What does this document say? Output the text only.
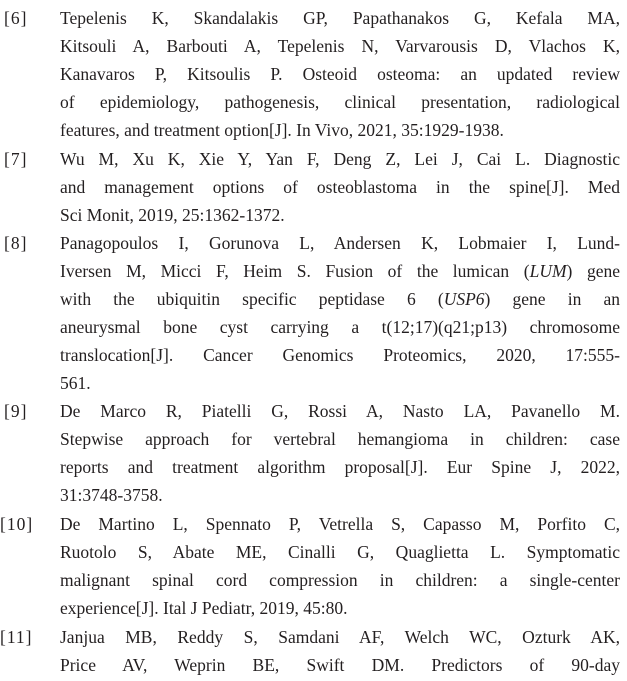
[6] Tepelenis K, Skandalakis GP, Papathanakos G, Kefala MA,
Kitsouli A, Barbouti A, Tepelenis N, Varvarousis D, Vlachos K,
Kanavaros P, Kitsoulis P. Osteoid osteoma: an updated review
of epidemiology, pathogenesis, clinical presentation, radiological
features, and treatment option[J]. In Vivo, 2021, 35:1929-1938.
[7] Wu M, Xu K, Xie Y, Yan F, Deng Z, Lei J, Cai L. Diagnostic
and management options of osteoblastoma in the spine[J]. Med
Sci Monit, 2019, 25:1362-1372.
[8] Panagopoulos I, Gorunova L, Andersen K, Lobmaier I, Lund-
Iversen M, Micci F, Heim S. Fusion of the lumican (LUM) gene
with the ubiquitin specific peptidase 6 (USP6) gene in an
aneurysmal bone cyst carrying a t(12;17)(q21;p13) chromosome
translocation[J]. Cancer Genomics Proteomics, 2020, 17:555-
561.
[9] De Marco R, Piatelli G, Rossi A, Nasto LA, Pavanello M.
Stepwise approach for vertebral hemangioma in children: case
reports and treatment algorithm proposal[J]. Eur Spine J, 2022,
31:3748-3758.
[10] De Martino L, Spennato P, Vetrella S, Capasso M, Porfito C,
Ruotolo S, Abate ME, Cinalli G, Quaglietta L. Symptomatic
malignant spinal cord compression in children: a single-center
experience[J]. Ital J Pediatr, 2019, 45:80.
[11] Janjua MB, Reddy S, Samdani AF, Welch WC, Ozturk AK,
Price AV, Weprin BE, Swift DM. Predictors of 90-day
